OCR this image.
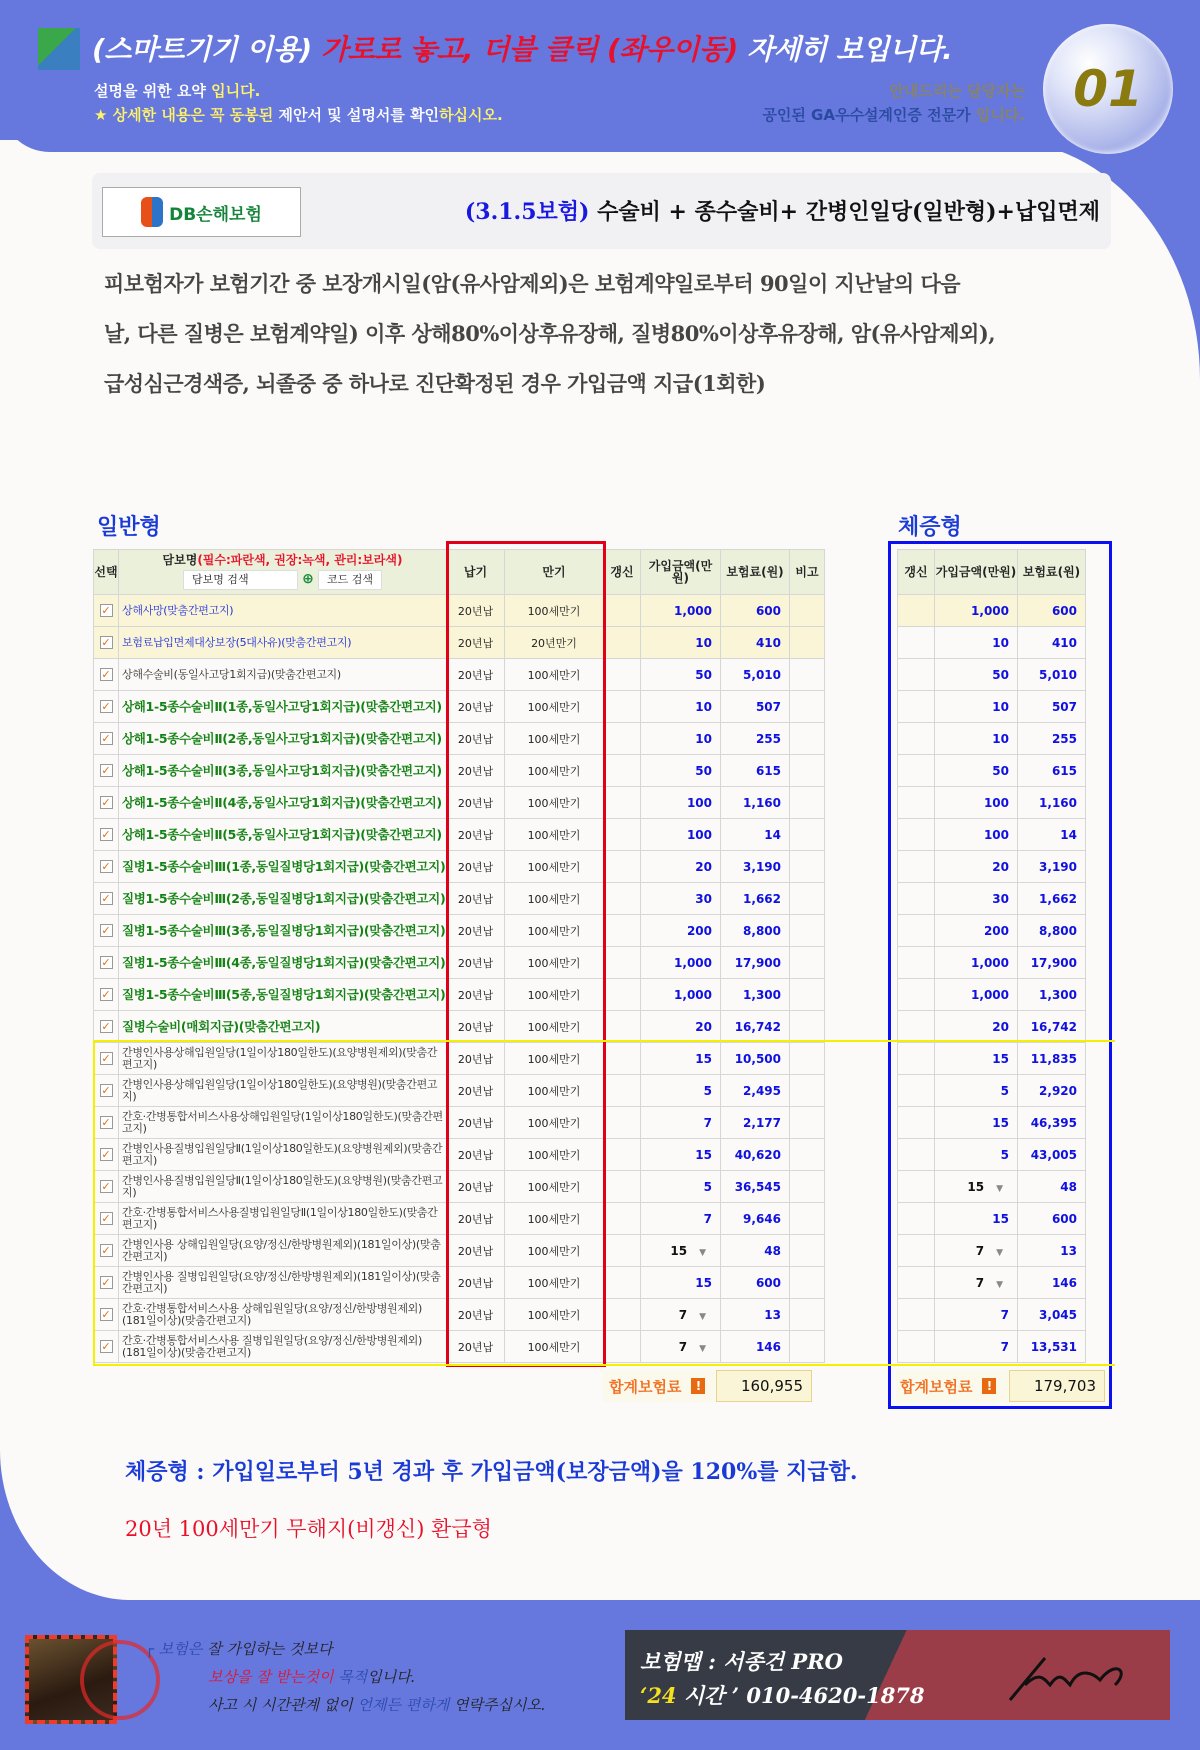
(스마트기기 이용) 가로로 놓고, 더블 클릭 (좌우이동) 자세히 보입니다.
설명을 위한 요약 입니다.
★ 상세한 내용은 꼭 동봉된 제안서 및 설명서를 확인하십시오.
안내드리는 담당자는
공인된 GA우수설계인증 전문가 입니다. 01
DB손해보험	(3.1.5보험) 수술비 + 종수술비+ 간병인일당(일반형)+납입면제
피보험자가 보험기간 중 보장개시일(암(유사암제외)은 보험계약일로부터 90일이 지난날의 다음
날, 다른 질병은 보험계약일) 이후 상해80%이상후유장해, 질병80%이상후유장해, 암(유사암제외),
급성심근경색증, 뇌졸중 중 하나로 진단확정된 경우 가입금액 지급(1회한)
일반형	체증형
선택	담보명(필수:파란색, 권장:녹색, 관리:보라색)
담보명 검색 ⊕ 코드 검색	납기	만기	갱신	가입금액(만원)	보험료(원)	비고
✓	상해사망(맞춤간편고지)	20년납	100세만기		1,000	600	
✓	보험료납입면제대상보장(5대사유)(맞춤간편고지)	20년납	20년만기		10	410	
✓	상해수술비(동일사고당1회지급)(맞춤간편고지)	20년납	100세만기		50	5,010	
✓	상해1-5종수술비Ⅱ(1종,동일사고당1회지급)(맞춤간편고지)	20년납	100세만기		10	507	
✓	상해1-5종수술비Ⅱ(2종,동일사고당1회지급)(맞춤간편고지)	20년납	100세만기		10	255	
✓	상해1-5종수술비Ⅱ(3종,동일사고당1회지급)(맞춤간편고지)	20년납	100세만기		50	615	
✓	상해1-5종수술비Ⅱ(4종,동일사고당1회지급)(맞춤간편고지)	20년납	100세만기		100	1,160	
✓	상해1-5종수술비Ⅱ(5종,동일사고당1회지급)(맞춤간편고지)	20년납	100세만기		100	14	
✓	질병1-5종수술비Ⅲ(1종,동일질병당1회지급)(맞춤간편고지)	20년납	100세만기		20	3,190	
✓	질병1-5종수술비Ⅲ(2종,동일질병당1회지급)(맞춤간편고지)	20년납	100세만기		30	1,662	
✓	질병1-5종수술비Ⅲ(3종,동일질병당1회지급)(맞춤간편고지)	20년납	100세만기		200	8,800	
✓	질병1-5종수술비Ⅲ(4종,동일질병당1회지급)(맞춤간편고지)	20년납	100세만기		1,000	17,900	
✓	질병1-5종수술비Ⅲ(5종,동일질병당1회지급)(맞춤간편고지)	20년납	100세만기		1,000	1,300	
✓	질병수술비(매회지급)(맞춤간편고지)	20년납	100세만기		20	16,742	
✓	간병인사용상해입원일당(1일이상180일한도)(요양병원제외)(맞춤간편고지)	20년납	100세만기		15	10,500	
✓	간병인사용상해입원일당(1일이상180일한도)(요양병원)(맞춤간편고지)	20년납	100세만기		5	2,495	
✓	간호·간병통합서비스사용상해입원일당(1일이상180일한도)(맞춤간편고지)	20년납	100세만기		7	2,177	
✓	간병인사용질병입원일당Ⅱ(1일이상180일한도)(요양병원제외)(맞춤간편고지)	20년납	100세만기		15	40,620	
✓	간병인사용질병입원일당Ⅱ(1일이상180일한도)(요양병원)(맞춤간편고지)	20년납	100세만기		5	36,545	
✓	간호·간병통합서비스사용질병입원일당Ⅱ(1일이상180일한도)(맞춤간편고지)	20년납	100세만기		7	9,646	
✓	간병인사용 상해입원일당(요양/정신/한방병원제외)(181일이상)(맞춤간편고지)	20년납	100세만기		15 ▼	48	
✓	간병인사용 질병입원일당(요양/정신/한방병원제외)(181일이상)(맞춤간편고지)	20년납	100세만기		15	600	
✓	간호·간병통합서비스사용 상해입원일당(요양/정신/한방병원제외)(181일이상)(맞춤간편고지)	20년납	100세만기		7 ▼	13	
✓	간호·간병통합서비스사용 질병입원일당(요양/정신/한방병원제외)(181일이상)(맞춤간편고지)	20년납	100세만기		7 ▼	146	
갱신	가입금액(만원)	보험료(원)
	1,000	600
	10	410
	50	5,010
	10	507
	10	255
	50	615
	100	1,160
	100	14
	20	3,190
	30	1,662
	200	8,800
	1,000	17,900
	1,000	1,300
	20	16,742
	15	11,835
	5	2,920
	15	46,395
	5	43,005
	15 ▼	48
	15	600
	7 ▼	13
	7 ▼	146
	7	3,045
	7	13,531
합계보험료	!	160,955	합계보험료	!	179,703
체증형 : 가입일로부터 5년 경과 후 가입금액(보장금액)을 120%를 지급함.
20년 100세만기 무해지(비갱신) 환급형
┌ 보험은 잘 가입하는 것보다
보상을 잘 받는것이 목적입니다.
사고 시 시간관계 없이 언제든 편하게 연락주십시오.
보험맵 : 서종건 PRO
‘24 시간 ’ 010-4620-1878
